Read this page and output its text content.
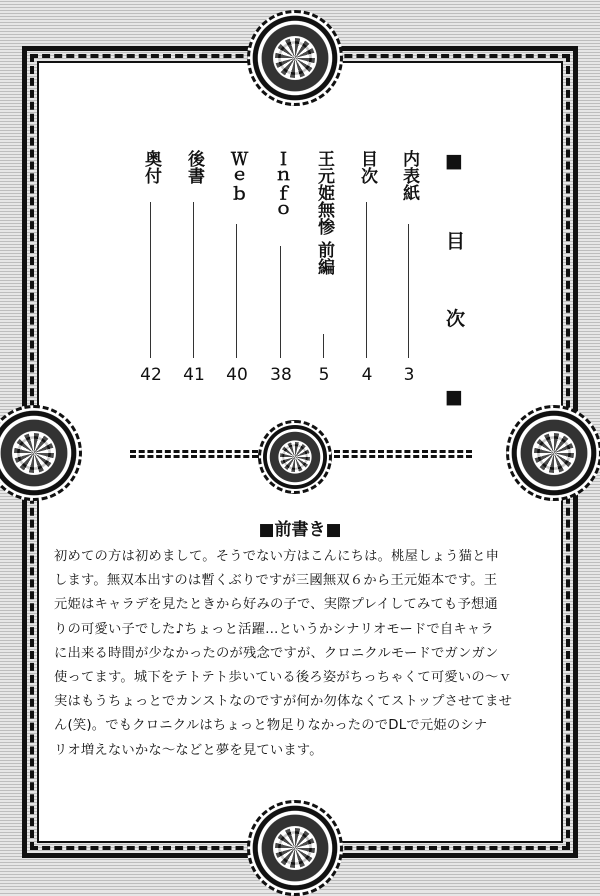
■ 目 次 ■
内表紙
3
目次
4
王元姫無惨 前編
5
Ｉｎｆｏ
38
Ｗｅｂ
40
後書
41
奥付
42
■前書き■

初めての方は初めまして。そうでない方はこんにちは。桃屋しょう猫と申

します。無双本出すのは暫くぶりですが三國無双６から王元姫本です。王

元姫はキャラデを見たときから好みの子で、実際プレイしてみても予想通

りの可愛い子でした♪ちょっと活躍…というかシナリオモードで自キャラ

に出来る時間が少なかったのが残念ですが、クロニクルモードでガンガン

使ってます。城下をテトテト歩いている後ろ姿がちっちゃくて可愛いの～ｖ

実はもうちょっとでカンストなのですが何か勿体なくてストップさせてませ

ん(笑)。でもクロニクルはちょっと物足りなかったのでDLで元姫のシナ

リオ増えないかな～などと夢を見ています。
